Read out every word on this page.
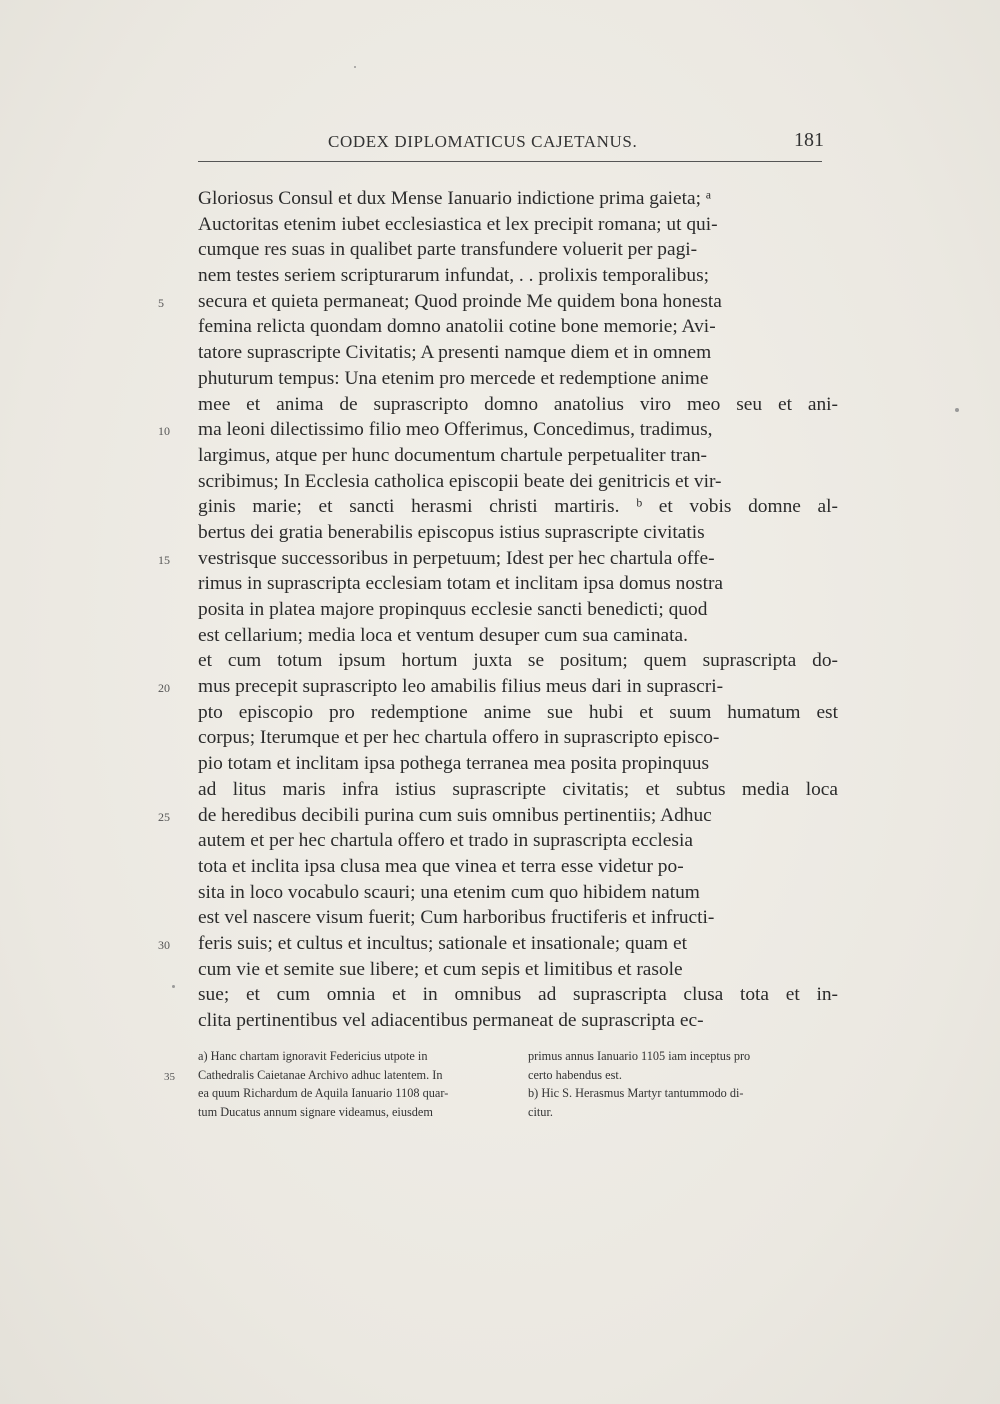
CODEX DIPLOMATICUS CAJETANUS.	181
Gloriosus Consul et dux Mense Ianuario indictione prima gaieta; ᵃ
Auctoritas etenim iubet ecclesiastica et lex precipit romana; ut qui-
cumque res suas in qualibet parte transfundere voluerit per pagi-
nem testes seriem scripturarum infundat, . . prolixis temporalibus;
secura et quieta permaneat; Quod proinde Me quidem bona honesta
5
femina relicta quondam domno anatolii cotine bone memorie; Avi-
tatore suprascripte Civitatis; A presenti namque diem et in omnem
phuturum tempus: Una etenim pro mercede et redemptione anime
mee et anima de suprascripto domno anatolius viro meo seu et ani-
ma leoni dilectissimo filio meo Offerimus, Concedimus, tradimus,
10
largimus, atque per hunc documentum chartule perpetualiter tran-
scribimus; In Ecclesia catholica episcopii beate dei genitricis et vir-
ginis marie; et sancti herasmi christi martiris. ᵇ et vobis domne al-
bertus dei gratia benerabilis episcopus istius suprascripte civitatis
vestrisque successoribus in perpetuum; Idest per hec chartula offe-
15
rimus in suprascripta ecclesiam totam et inclitam ipsa domus nostra
posita in platea majore propinquus ecclesie sancti benedicti; quod
est cellarium; media loca et ventum desuper cum sua caminata.
et cum totum ipsum hortum juxta se positum; quem suprascripta do-
mus precepit suprascripto leo amabilis filius meus dari in suprascri-
20
pto episcopio pro redemptione anime sue hubi et suum humatum est
corpus; Iterumque et per hec chartula offero in suprascripto episco-
pio totam et inclitam ipsa pothega terranea mea posita propinquus
ad litus maris infra istius suprascripte civitatis; et subtus media loca
de heredibus decibili purina cum suis omnibus pertinentiis; Adhuc
25
autem et per hec chartula offero et trado in suprascripta ecclesia
tota et inclita ipsa clusa mea que vinea et terra esse videtur po-
sita in loco vocabulo scauri; una etenim cum quo hibidem natum
est vel nascere visum fuerit; Cum harboribus fructiferis et infructi-
feris suis; et cultus et incultus; sationale et insationale; quam et
30
cum vie et semite sue libere; et cum sepis et limitibus et rasole
sue; et cum omnia et in omnibus ad suprascripta clusa tota et in-
clita pertinentibus vel adiacentibus permaneat de suprascripta ec-
a) Hanc chartam ignoravit Federicius utpote in
Cathedralis Caietanae Archivo adhuc latentem. In
35
ea quum Richardum de Aquila Ianuario 1108 quar-
tum Ducatus annum signare videamus, eiusdem
primus annus Ianuario 1105 iam inceptus pro
certo habendus est.
b) Hic S. Herasmus Martyr tantummodo di-
citur.
